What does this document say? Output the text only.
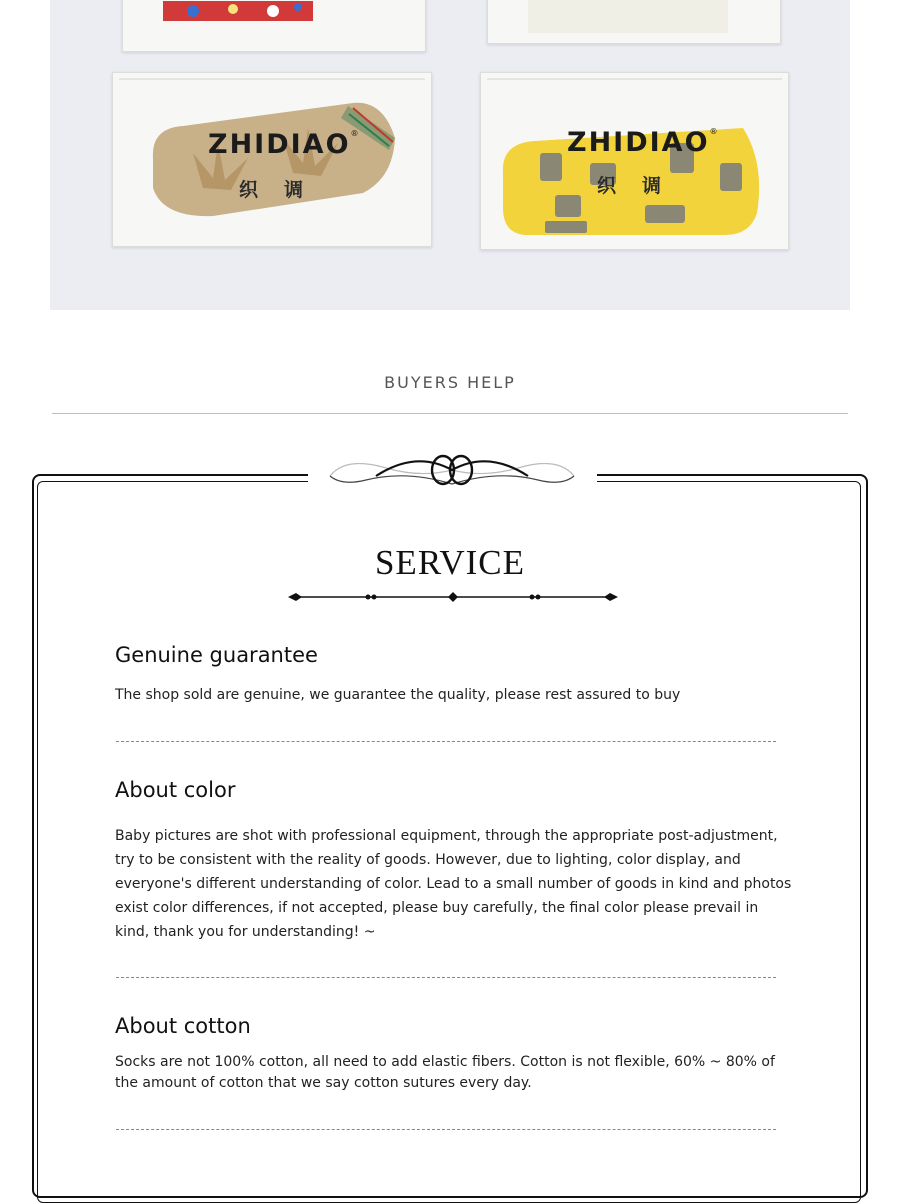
ZHIDIAO®
织调
ZHIDIAO®
织调
BUYERS HELP
SERVICE
Genuine guarantee
The shop sold are genuine, we guarantee the quality, please rest assured to buy
About color
Baby pictures are shot with professional equipment, through the appropriate post-adjustment, try to be consistent with the reality of goods. However, due to lighting, color display, and everyone's different understanding of color. Lead to a small number of goods in kind and photos exist color differences, if not accepted, please buy carefully, the final color please prevail in kind, thank you for understanding! ~
About cotton
Socks are not 100% cotton, all need to add elastic fibers. Cotton is not flexible, 60% ~ 80% of the amount of cotton that we say cotton sutures every day.
